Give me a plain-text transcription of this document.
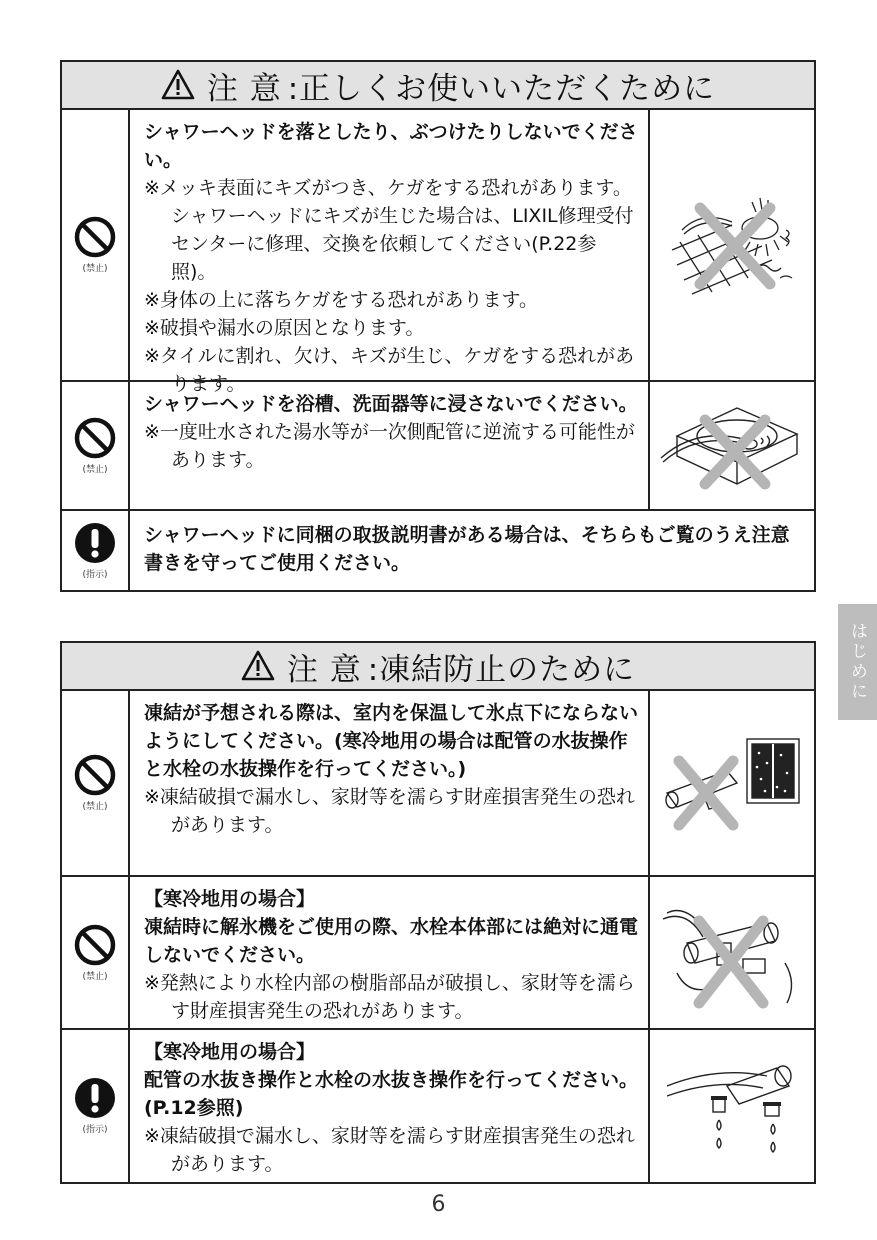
注 意 :正しくお使いいただくために
(禁止)
シャワーヘッドを落としたり、ぶつけたりしないでください。
※メッキ表面にキズがつき、ケガをする恐れがあります。シャワーヘッドにキズが生じた場合は、LIXIL修理受付センターに修理、交換を依頼してください(P.22参照)。
※身体の上に落ちケガをする恐れがあります。
※破損や漏水の原因となります。
※タイルに割れ、欠け、キズが生じ、ケガをする恐れがあります。
(禁止)
シャワーヘッドを浴槽、洗面器等に浸さないでください。
※一度吐水された湯水等が一次側配管に逆流する可能性があります。
(指示)
シャワーヘッドに同梱の取扱説明書がある場合は、そちらもご覧のうえ注意書きを守ってご使用ください。
注 意 :凍結防止のために
(禁止)
凍結が予想される際は、室内を保温して氷点下にならないようにしてください。(寒冷地用の場合は配管の水抜操作と水栓の水抜操作を行ってください。)
※凍結破損で漏水し、家財等を濡らす財産損害発生の恐れがあります。
(禁止)
【寒冷地用の場合】
凍結時に解氷機をご使用の際、水栓本体部には絶対に通電しないでください。
※発熱により水栓内部の樹脂部品が破損し、家財等を濡らす財産損害発生の恐れがあります。
(指示)
【寒冷地用の場合】
配管の水抜き操作と水栓の水抜き操作を行ってください。(P.12参照)
※凍結破損で漏水し、家財等を濡らす財産損害発生の恐れがあります。
はじめに
6
